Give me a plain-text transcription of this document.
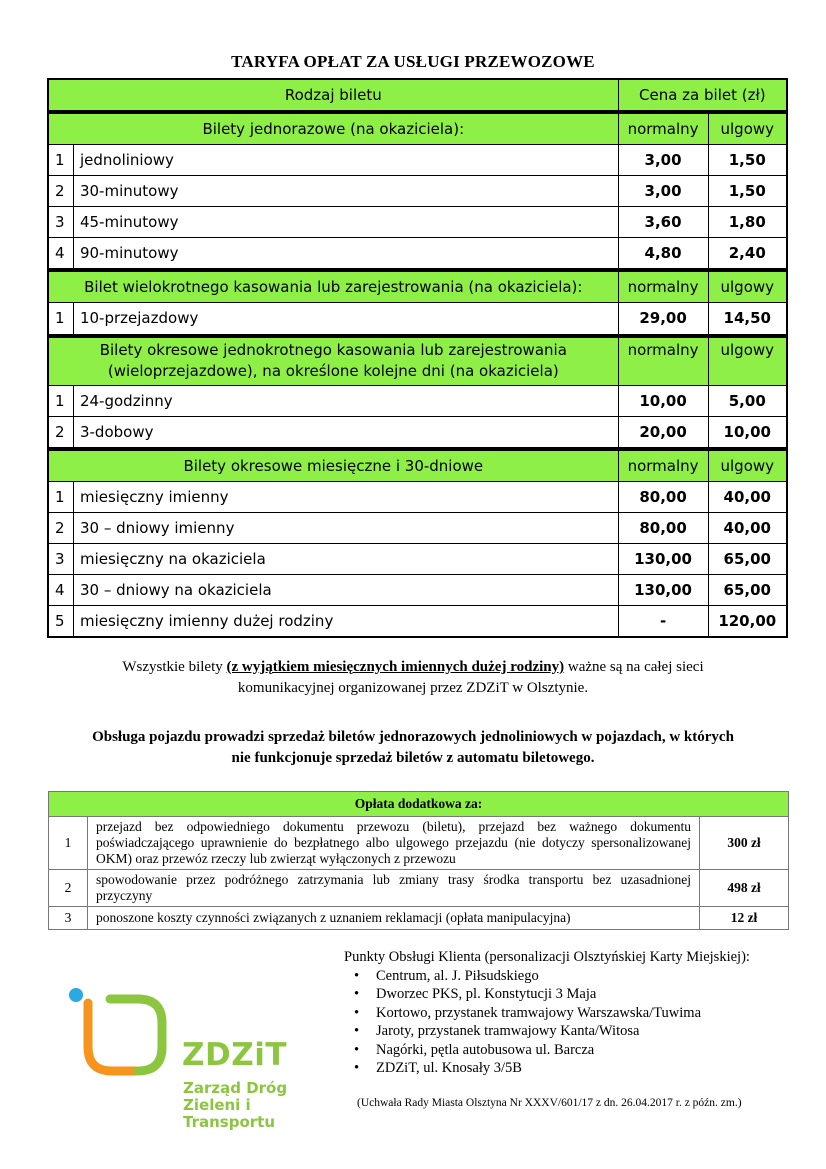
TARYFA OPŁAT ZA USŁUGI PRZEWOZOWE
Rodzaj biletu		Cena za bilet (zł)	
Bilety jednorazowe (na okaziciela):		normalny	ulgowy
1	jednoliniowy	3,00	1,50
2	30-minutowy	3,00	1,50
3	45-minutowy	3,60	1,80
4	90-minutowy	4,80	2,40
Bilet wielokrotnego kasowania lub zarejestrowania (na okaziciela):		normalny	ulgowy
1	10-przejazdowy	29,00	14,50

Bilety okresowe jednokrotnego kasowania lub zarejestrowania
(wieloprzejazdowe), na określone kolejne dni (na okaziciela)		normalny	ulgowy
1	24-godzinny	10,00	5,00
2	3-dobowy	20,00	10,00
Bilety okresowe miesięczne i 30-dniowe		normalny	ulgowy
1	miesięczny imienny	80,00	40,00
2	30 – dniowy imienny	80,00	40,00
3	miesięczny na okaziciela	130,00	65,00
4	30 – dniowy na okaziciela	130,00	65,00
5	miesięczny imienny dużej rodziny	-	120,00
Wszystkie bilety (z wyjątkiem miesięcznych imiennych dużej rodziny) ważne są na całej sieci
komunikacyjnej organizowanej przez ZDZiT w Olsztynie.
Obsługa pojazdu prowadzi sprzedaż biletów jednorazowych jednoliniowych w pojazdach, w których
nie funkcjonuje sprzedaż biletów z automatu biletowego.
Opłata dodatkowa za:		
1	przejazd bez odpowiedniego dokumentu przewozu (biletu), przejazd bez ważnego dokumentu poświadczającego uprawnienie do bezpłatnego albo ulgowego przejazdu (nie dotyczy spersonalizowanej OKM) oraz przewóz rzeczy lub zwierząt wyłączonych z przewozu	300 zł
2	spowodowanie przez podróżnego zatrzymania lub zmiany trasy środka transportu bez uzasadnionej przyczyny	498 zł
3	ponoszone koszty czynności związanych z uznaniem reklamacji (opłata manipulacyjna)	12 zł
Punkty Obsługi Klienta (personalizacji Olsztyńskiej Karty Miejskiej):
• Centrum, al. J. Piłsudskiego
• Dworzec PKS, pl. Konstytucji 3 Maja
• Kortowo, przystanek tramwajowy Warszawska/Tuwima
• Jaroty, przystanek tramwajowy Kanta/Witosa
• Nagórki, pętla autobusowa ul. Barcza
• ZDZiT, ul. Knosały 3/5B
(Uchwała Rady Miasta Olsztyna Nr XXXV/601/17 z dn. 26.04.2017 r. z późn. zm.)
ZDZiT
Zarząd Dróg
Zieleni i Transportu
